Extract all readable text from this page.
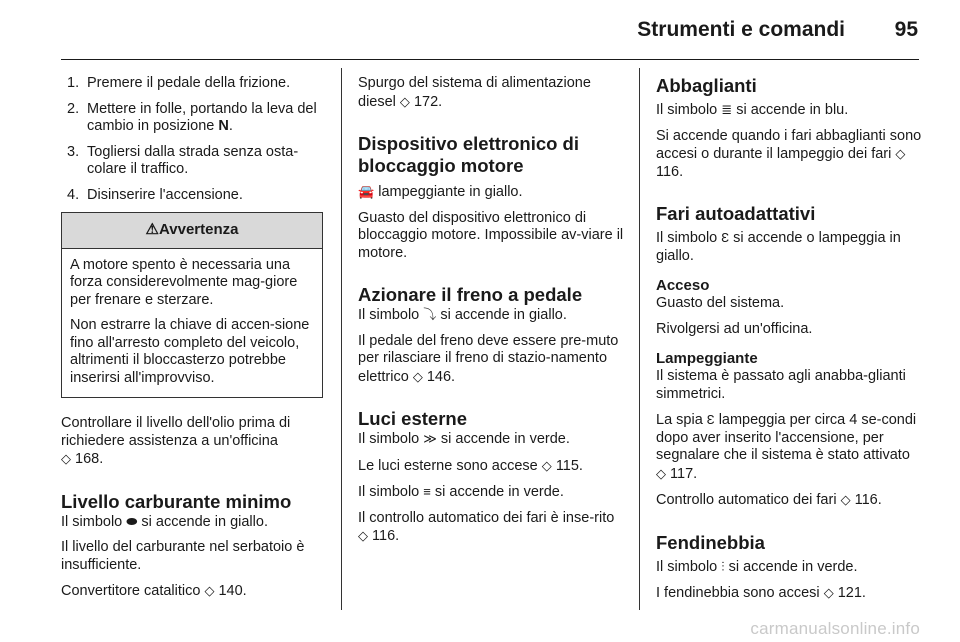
Strumenti e comandi 95
1. Premere il pedale della frizione.
2. Mettere in folle, portando la leva del cambio in posizione N.
3. Togliersi dalla strada senza osta-colare il traffico.
4. Disinserire l'accensione.
⚠Avvertenza

A motore spento è necessaria una forza considerevolmente mag-giore per frenare e sterzare.

Non estrarre la chiave di accen-sione fino all'arresto completo del veicolo, altrimenti il bloccasterzo potrebbe inserirsi all'improvviso.

Controllare il livello dell'olio prima di richiedere assistenza a un'officina
◇ 168.

Livello carburante minimo

Il simbolo ⬬ si accende in giallo.

Il livello del carburante nel serbatoio è insufficiente.

Convertitore catalitico ◇ 140.

Spurgo del sistema di alimentazione diesel ◇ 172.

Dispositivo elettronico di bloccaggio motore

🚘 lampeggiante in giallo.

Guasto del dispositivo elettronico di bloccaggio motore. Impossibile av-viare il motore.

Azionare il freno a pedale

Il simbolo ⤵ si accende in giallo.

Il pedale del freno deve essere pre-muto per rilasciare il freno di stazio-namento elettrico ◇ 146.

Luci esterne

Il simbolo ≫ si accende in verde.

Le luci esterne sono accese ◇ 115.

Il simbolo ≡ si accende in verde.

Il controllo automatico dei fari è inse-rito ◇ 116.

Abbaglianti

Il simbolo ≣ si accende in blu.

Si accende quando i fari abbaglianti sono accesi o durante il lampeggio dei fari ◇ 116.

Fari autoadattativi

Il simbolo Ɛ si accende o lampeggia in giallo.

Acceso

Guasto del sistema.

Rivolgersi ad un'officina.

Lampeggiante

Il sistema è passato agli anabba-glianti simmetrici.

La spia Ɛ lampeggia per circa 4 se-condi dopo aver inserito l'accensione, per segnalare che il sistema è stato attivato ◇ 117.

Controllo automatico dei fari ◇ 116.

Fendinebbia

Il simbolo ⫶ si accende in verde.

I fendinebbia sono accesi ◇ 121.

carmanualsonline.info
